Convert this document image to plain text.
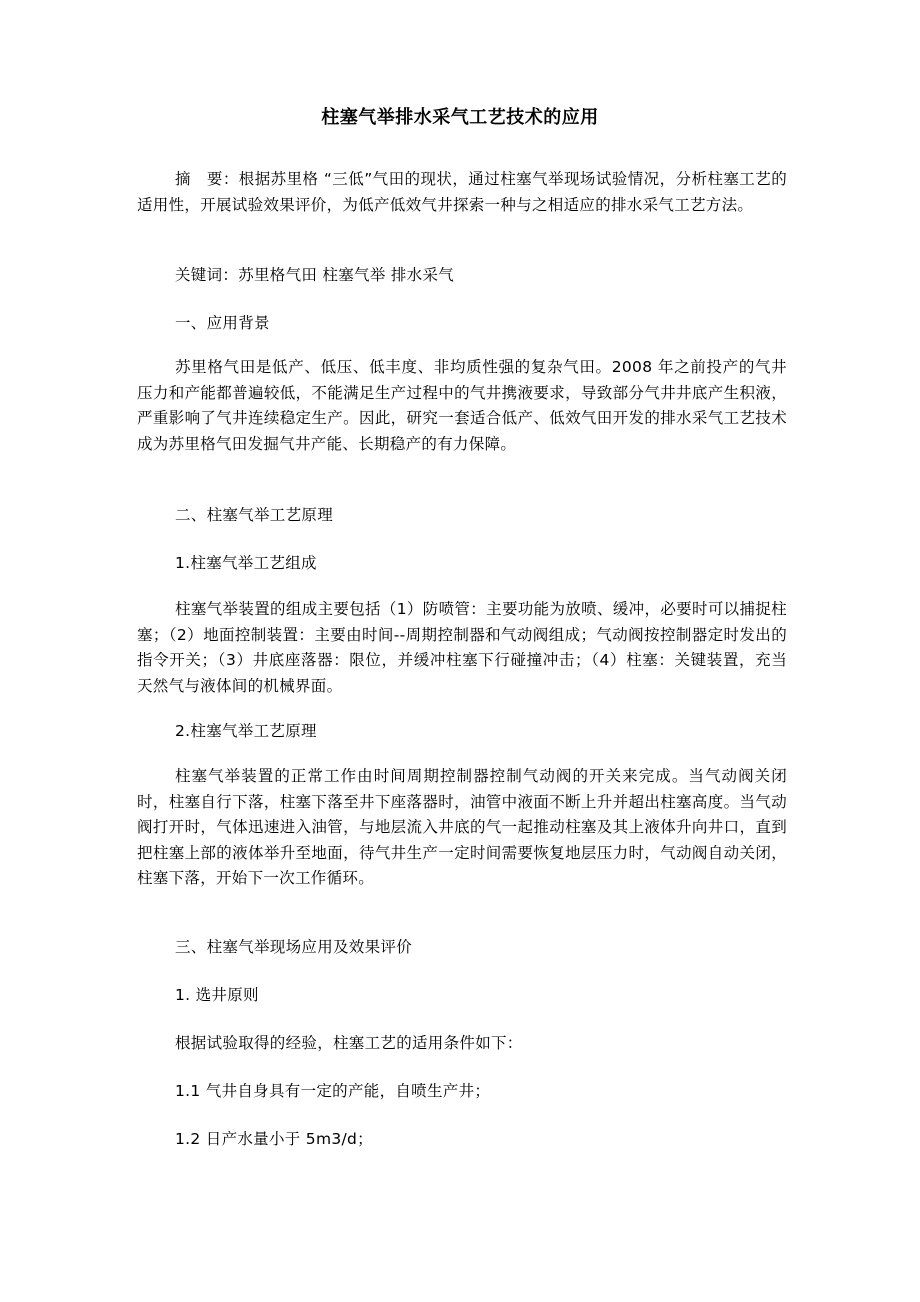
柱塞气举排水采气工艺技术的应用
摘　要：根据苏里格 “三低”气田的现状，通过柱塞气举现场试验情况，分析柱塞工艺的适用性，开展试验效果评价，为低产低效气井探索一种与之相适应的排水采气工艺方法。
关键词：苏里格气田 柱塞气举 排水采气
一、应用背景
苏里格气田是低产、低压、低丰度、非均质性强的复杂气田。2008 年之前投产的气井压力和产能都普遍较低，不能满足生产过程中的气井携液要求，导致部分气井井底产生积液，严重影响了气井连续稳定生产。因此，研究一套适合低产、低效气田开发的排水采气工艺技术成为苏里格气田发掘气井产能、长期稳产的有力保障。
二、柱塞气举工艺原理
1.柱塞气举工艺组成
柱塞气举装置的组成主要包括（1）防喷管：主要功能为放喷、缓冲，必要时可以捕捉柱塞；（2）地面控制装置：主要由时间--周期控制器和气动阀组成；气动阀按控制器定时发出的指令开关；（3）井底座落器：限位，并缓冲柱塞下行碰撞冲击；（4）柱塞：关键装置，充当天然气与液体间的机械界面。
2.柱塞气举工艺原理
柱塞气举装置的正常工作由时间周期控制器控制气动阀的开关来完成。当气动阀关闭时，柱塞自行下落，柱塞下落至井下座落器时，油管中液面不断上升并超出柱塞高度。当气动阀打开时，气体迅速进入油管，与地层流入井底的气一起推动柱塞及其上液体升向井口，直到把柱塞上部的液体举升至地面，待气井生产一定时间需要恢复地层压力时，气动阀自动关闭，柱塞下落，开始下一次工作循环。
三、柱塞气举现场应用及效果评价
1. 选井原则
根据试验取得的经验，柱塞工艺的适用条件如下：
1.1 气井自身具有一定的产能，自喷生产井；
1.2 日产水量小于 5m3/d；
